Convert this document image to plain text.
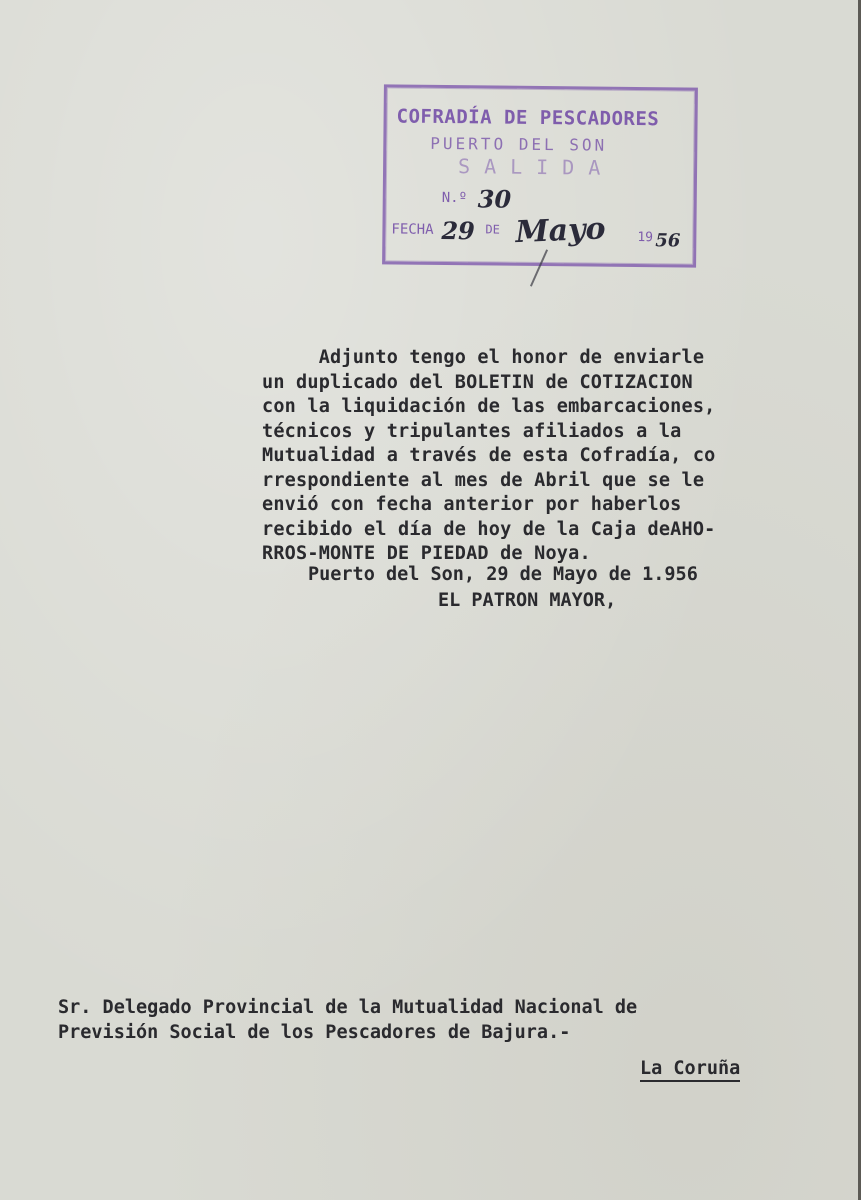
COFRADÍA DE PESCADORES
PUERTO DEL SON
SALIDA
N.º 30
FECHA 29 DE Mayo 19 56
Adjunto tengo el honor de enviarle
un duplicado del BOLETIN de COTIZACION
con la liquidación de las embarcaciones,
técnicos y tripulantes afiliados a la
Mutualidad a través de esta Cofradía, co
rrespondiente al mes de Abril que se le
envió con fecha anterior por haberlos
recibido el día de hoy de la Caja deAHO-
RROS-MONTE DE PIEDAD de Noya.
Puerto del Son, 29 de Mayo de 1.956
EL PATRON MAYOR,
Sr. Delegado Provincial de la Mutualidad Nacional de
Previsión Social de los Pescadores de Bajura.-
La Coruña
